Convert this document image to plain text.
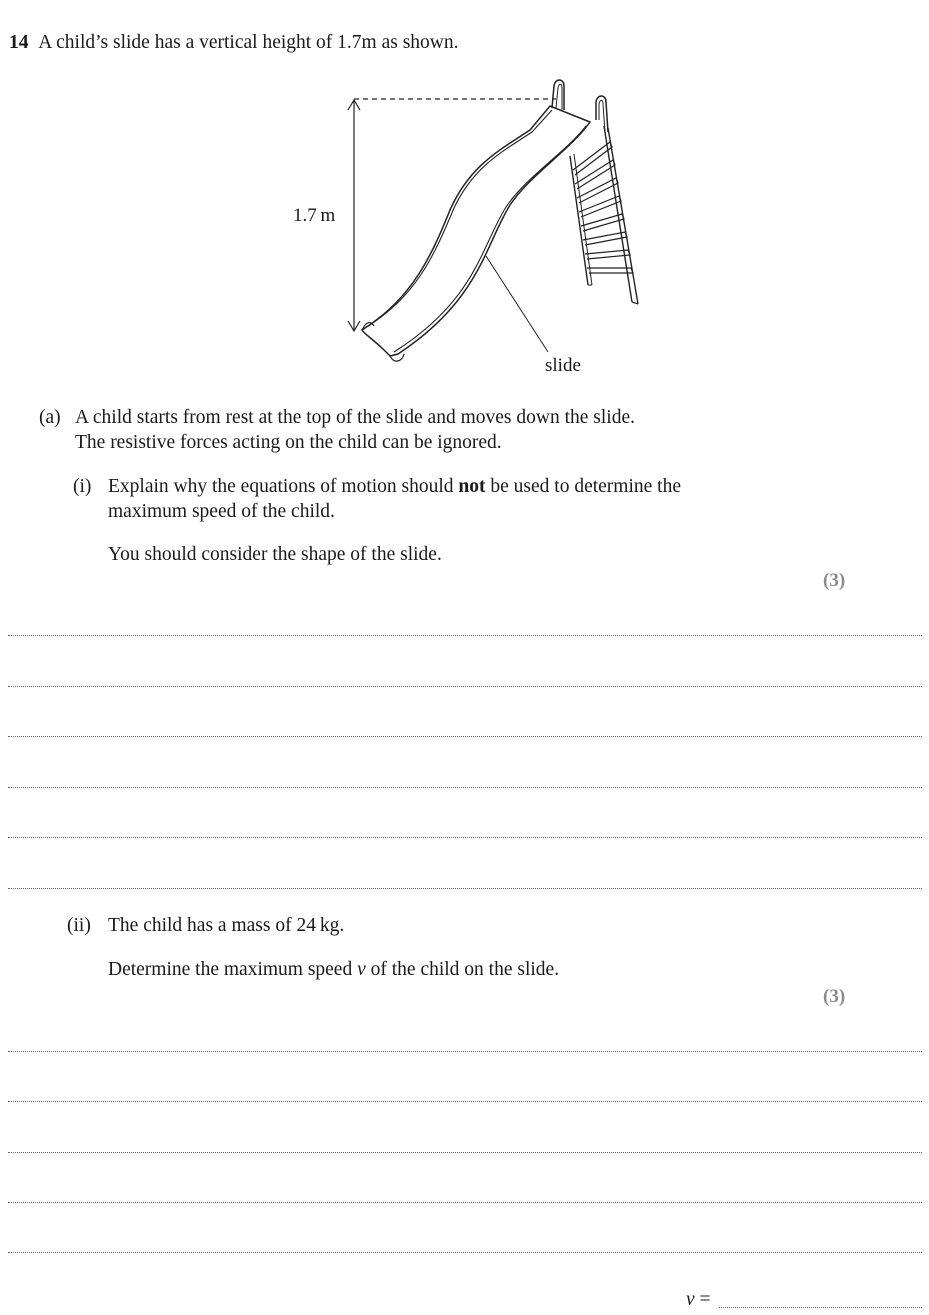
14 A child’s slide has a vertical height of 1.7m as shown.
1.7 m
slide
(a) A child starts from rest at the top of the slide and moves down the slide.
The resistive forces acting on the child can be ignored.
(i) Explain why the equations of motion should not be used to determine the
maximum speed of the child.
You should consider the shape of the slide.
(3)
(ii) The child has a mass of 24 kg.
Determine the maximum speed v of the child on the slide.
(3)
v =
